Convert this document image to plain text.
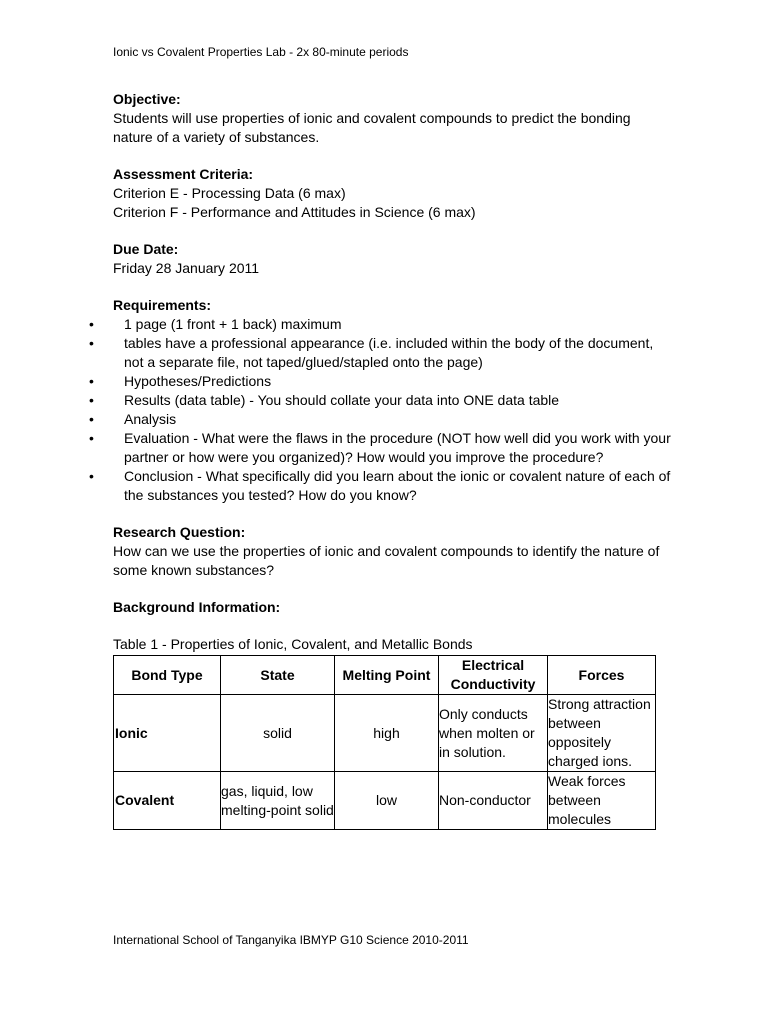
Ionic vs Covalent Properties Lab - 2x 80-minute periods
Objective:
Students will use properties of ionic and covalent compounds to predict the bonding nature of a variety of substances.
Assessment Criteria:
Criterion E - Processing Data (6 max)
Criterion F - Performance and Attitudes in Science (6 max)
Due Date:
Friday 28 January 2011
Requirements:
• 1 page (1 front + 1 back) maximum
• tables have a professional appearance (i.e. included within the body of the document, not a separate file, not taped/glued/stapled onto the page)
• Hypotheses/Predictions
• Results (data table) - You should collate your data into ONE data table
• Analysis
• Evaluation - What were the flaws in the procedure (NOT how well did you work with your partner or how were you organized)? How would you improve the procedure?
• Conclusion - What specifically did you learn about the ionic or covalent nature of each of the substances you tested? How do you know?
Research Question:
How can we use the properties of ionic and covalent compounds to identify the nature of some known substances?
Background Information:
Table 1 - Properties of Ionic, Covalent, and Metallic Bonds
Bond Type	State	Melting Point	Electrical Conductivity	Forces
Ionic	solid	high	Only conducts when molten or in solution.	Strong attraction between oppositely charged ions.
Covalent	gas, liquid, low melting-point solid	low	Non-conductor	Weak forces between molecules
International School of Tanganyika IBMYP G10 Science 2010-2011
